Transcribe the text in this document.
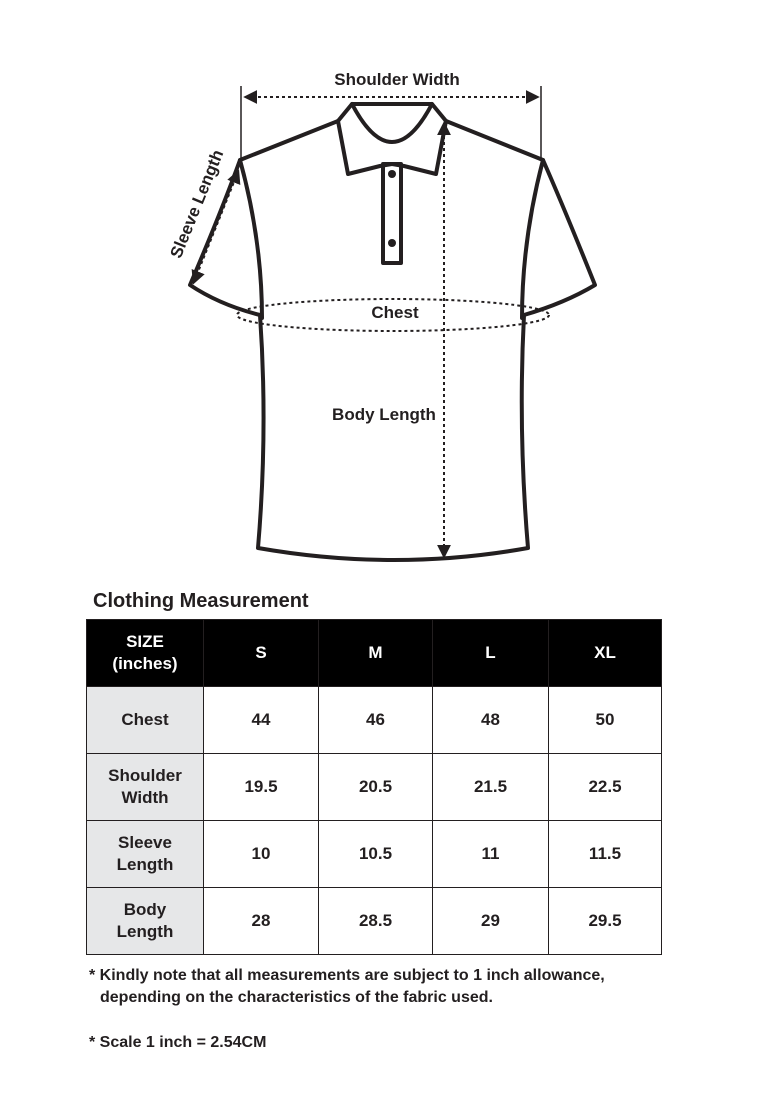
Shoulder Width
Sleeve Length
Chest
Body Length
Clothing Measurement
SIZE
(inches)	S	M	L	XL
Chest	44	46	48	50

Shoulder
Width	19.5	20.5	21.5	22.5

Sleeve
Length	10	10.5	11	11.5

Body
Length	28	28.5	29	29.5

* Kindly note that all measurements are subject to 1 inch allowance,
depending on the characteristics of the fabric used.

* Scale 1 inch = 2.54CM
